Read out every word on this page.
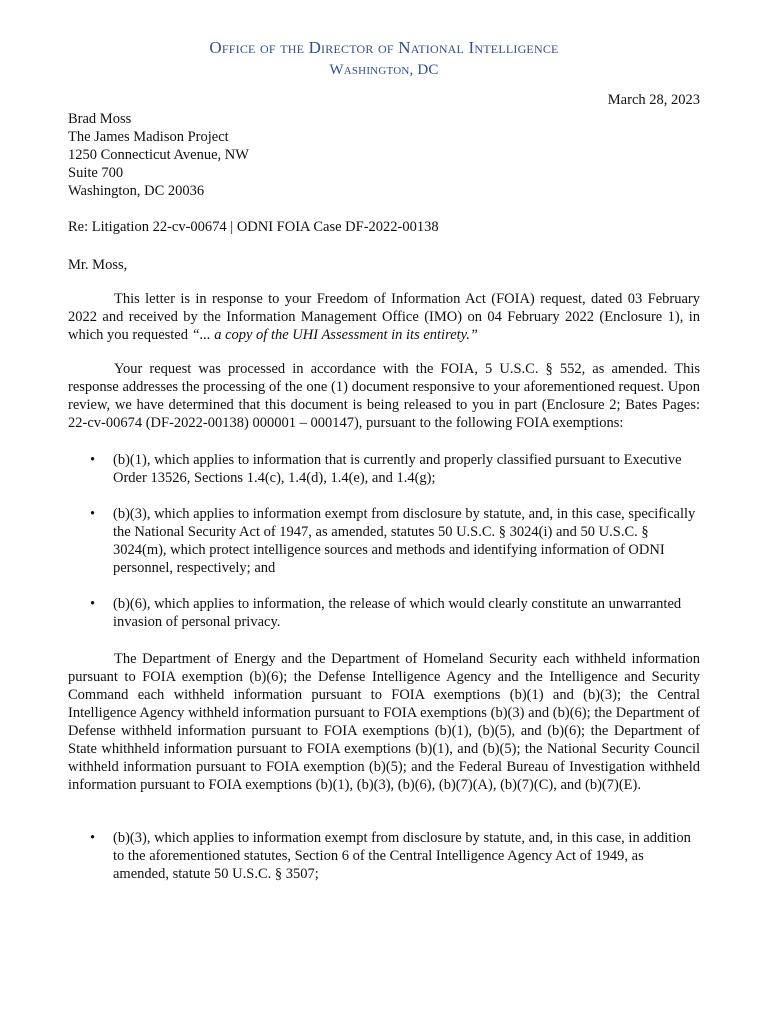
Office of the Director of National Intelligence
Washington, DC
March 28, 2023
Brad Moss
The James Madison Project
1250 Connecticut Avenue, NW
Suite 700
Washington, DC 20036
Re: Litigation 22-cv-00674 | ODNI FOIA Case DF-2022-00138
Mr. Moss,

This letter is in response to your Freedom of Information Act (FOIA) request, dated 03 February 2022 and received by the Information Management Office (IMO) on 04 February 2022 (Enclosure 1), in which you requested “... a copy of the UHI Assessment in its entirety.”

Your request was processed in accordance with the FOIA, 5 U.S.C. § 552, as amended. This response addresses the processing of the one (1) document responsive to your aforementioned request. Upon review, we have determined that this document is being released to you in part (Enclosure 2; Bates Pages: 22-cv-00674 (DF-2022-00138) 000001 – 000147), pursuant to the following FOIA exemptions:

• (b)(1), which applies to information that is currently and properly classified pursuant to Executive Order 13526, Sections 1.4(c), 1.4(d), 1.4(e), and 1.4(g);
• (b)(3), which applies to information exempt from disclosure by statute, and, in this case, specifically the National Security Act of 1947, as amended, statutes 50 U.S.C. § 3024(i) and 50 U.S.C. § 3024(m), which protect intelligence sources and methods and identifying information of ODNI personnel, respectively; and
• (b)(6), which applies to information, the release of which would clearly constitute an unwarranted invasion of personal privacy.

The Department of Energy and the Department of Homeland Security each withheld information pursuant to FOIA exemption (b)(6); the Defense Intelligence Agency and the Intelligence and Security Command each withheld information pursuant to FOIA exemptions (b)(1) and (b)(3); the Central Intelligence Agency withheld information pursuant to FOIA exemptions (b)(3) and (b)(6); the Department of Defense withheld information pursuant to FOIA exemptions (b)(1), (b)(5), and (b)(6); the Department of State whithheld information pursuant to FOIA exemptions (b)(1), and (b)(5); the National Security Council withheld information pursuant to FOIA exemption (b)(5); and the Federal Bureau of Investigation withheld information pursuant to FOIA exemptions (b)(1), (b)(3), (b)(6), (b)(7)(A), (b)(7)(C), and (b)(7)(E).

• (b)(3), which applies to information exempt from disclosure by statute, and, in this case, in addition to the aforementioned statutes, Section 6 of the Central Intelligence Agency Act of 1949, as amended, statute 50 U.S.C. § 3507;
